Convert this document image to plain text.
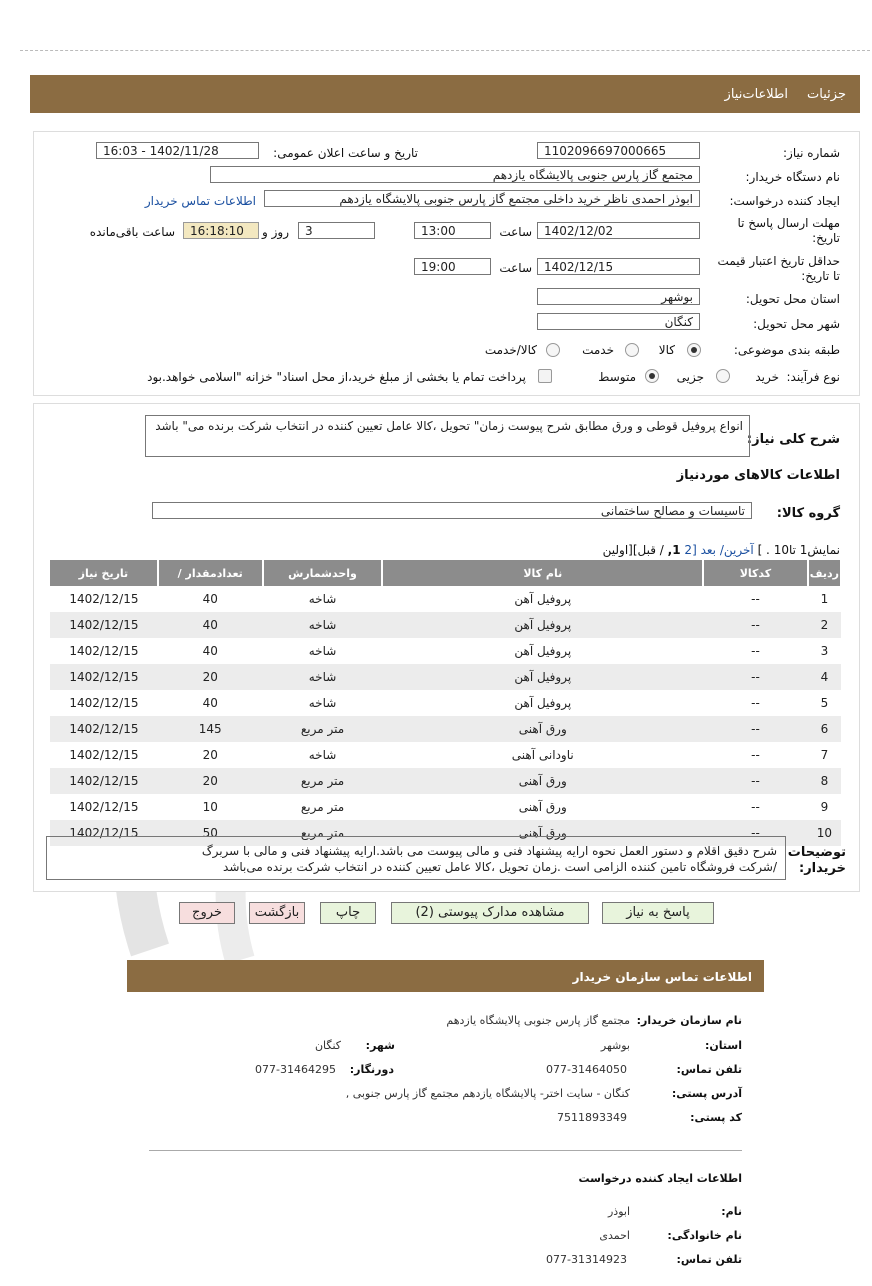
جزئیات
اطلاعات‌نیاز
شماره نیاز:
1102096697000665
تاریخ و ساعت اعلان عمومی:
1402/11/28 - 16:03
نام دستگاه خریدار:
مجتمع گاز پارس جنوبی پالایشگاه یازدهم
ایجاد کننده درخواست:
ابوذر احمدی ناظر خرید داخلی مجتمع گاز پارس جنوبی پالایشگاه یازدهم
اطلاعات تماس خریدار
مهلت ارسال پاسخ تا تاریخ:
1402/12/02
ساعت
13:00
3
روز و
16:18:10
ساعت باقی‌مانده
حداقل تاریخ اعتبار قیمت تا تاریخ:
1402/12/15
ساعت
19:00
استان محل تحویل:
بوشهر
شهر محل تحویل:
کنگان
طبقه بندی موضوعی:
کالا
خدمت
کالا/خدمت
نوع فرآیند:
خرید
جزیی
متوسط
پرداخت تمام یا بخشی از مبلغ خرید،از محل اسناد" خزانه "اسلامی خواهد.بود
شرح کلی نیاز:
انواع پروفیل قوطی و ورق مطابق شرح پیوست زمان" تحویل ،کالا عامل تعیین کننده در انتخاب شرکت برنده می" باشد
اطلاعات کالاهای موردنیاز
گروه کالا:
تاسیسات و مصالح ساختمانی
نمایش1 تا10 . ] آخرین/ بعد [2 1, / قبل][اولین
ردیف	کدکالا	نام کالا	واحدشمارش	تعدادمقدار /	تاریخ نیاز
1	--	پروفیل آهن	شاخه	40	1402/12/15
2	--	پروفیل آهن	شاخه	40	1402/12/15
3	--	پروفیل آهن	شاخه	40	1402/12/15
4	--	پروفیل آهن	شاخه	20	1402/12/15
5	--	پروفیل آهن	شاخه	40	1402/12/15
6	--	ورق آهنی	متر مربع	145	1402/12/15
7	--	ناودانی آهنی	شاخه	20	1402/12/15
8	--	ورق آهنی	متر مربع	20	1402/12/15
9	--	ورق آهنی	متر مربع	10	1402/12/15
10	--	ورق آهنی	متر مربع	50	1402/12/15
توضیحات
خریدار:
شرح دقیق اقلام و دستور العمل نحوه ارایه پیشنهاد فنی و مالی پیوست می باشد.ارایه پیشنهاد فنی و مالی با سربرگ
/شرکت فروشگاه تامین کننده الزامی است .زمان تحویل ،کالا عامل تعیین کننده در انتخاب شرکت برنده می‌باشد
پاسخ به نیاز
مشاهده مدارک پیوستی (2)
چاپ
بازگشت
خروج
اطلاعات تماس سازمان خریدار
نام سازمان خریدار:
مجتمع گاز پارس جنوبی پالایشگاه یازدهم
استان:
بوشهر
شهر:
کنگان
تلفن تماس:
077-31464050
دورنگار:
077-31464295
آدرس پستی:
کنگان - سایت اختر- پالایشگاه یازدهم مجتمع گاز پارس جنوبی ,
کد پستی:
7511893349
اطلاعات ایجاد کننده درخواست
نام:
ابوذر
نام خانوادگی:
احمدی
تلفن تماس:
077-31314923
